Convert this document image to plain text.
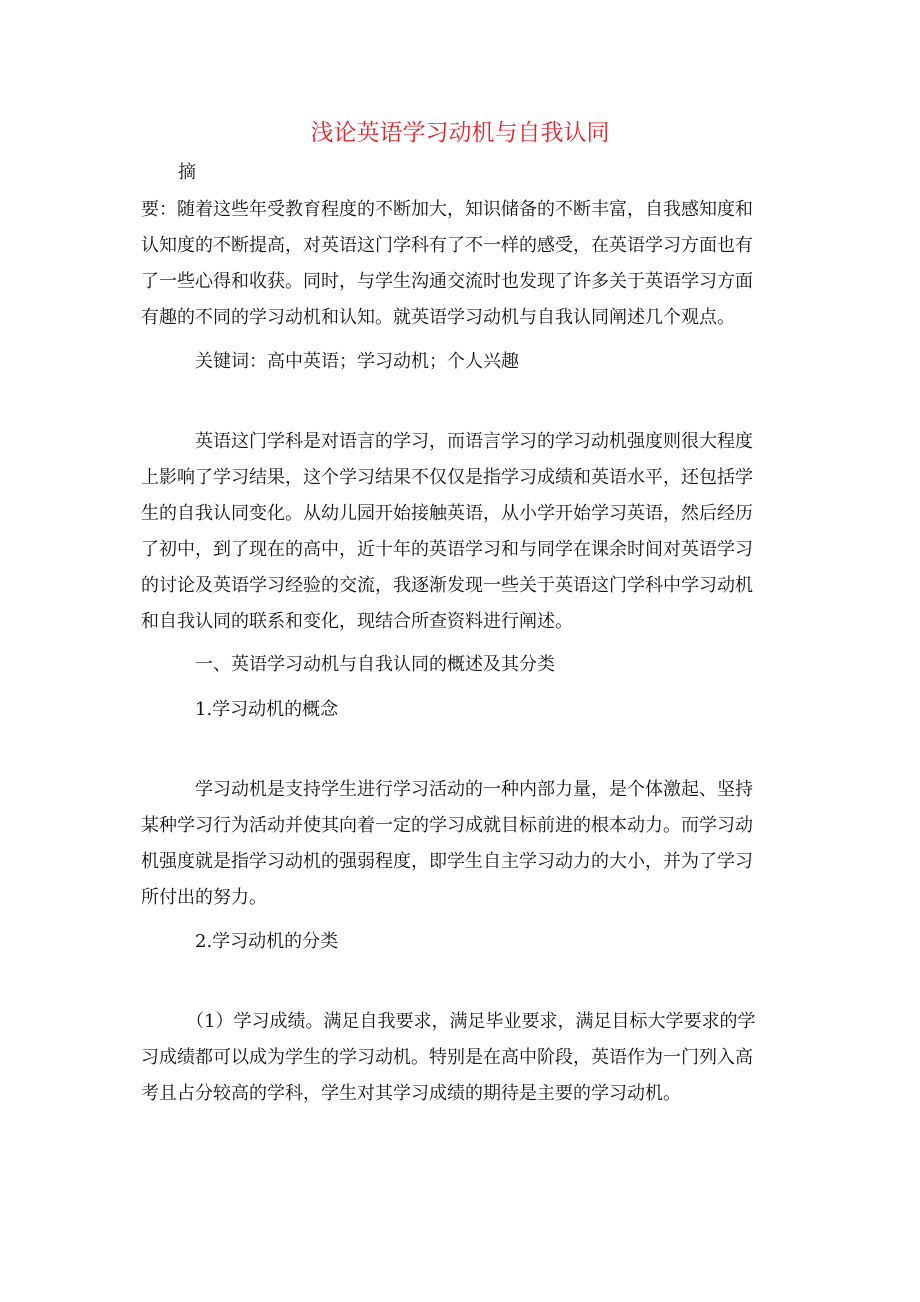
浅论英语学习动机与自我认同
摘
要：随着这些年受教育程度的不断加大，知识储备的不断丰富，自我感知度和
认知度的不断提高，对英语这门学科有了不一样的感受，在英语学习方面也有
了一些心得和收获。同时，与学生沟通交流时也发现了许多关于英语学习方面
有趣的不同的学习动机和认知。就英语学习动机与自我认同阐述几个观点。
关键词：高中英语；学习动机；个人兴趣
英语这门学科是对语言的学习，而语言学习的学习动机强度则很大程度
上影响了学习结果，这个学习结果不仅仅是指学习成绩和英语水平，还包括学
生的自我认同变化。从幼儿园开始接触英语，从小学开始学习英语，然后经历
了初中，到了现在的高中，近十年的英语学习和与同学在课余时间对英语学习
的讨论及英语学习经验的交流，我逐渐发现一些关于英语这门学科中学习动机
和自我认同的联系和变化，现结合所查资料进行阐述。
一、英语学习动机与自我认同的概述及其分类
1.学习动机的概念
学习动机是支持学生进行学习活动的一种内部力量，是个体激起、坚持
某种学习行为活动并使其向着一定的学习成就目标前进的根本动力。而学习动
机强度就是指学习动机的强弱程度，即学生自主学习动力的大小，并为了学习
所付出的努力。
2.学习动机的分类
（1）学习成绩。满足自我要求，满足毕业要求，满足目标大学要求的学
习成绩都可以成为学生的学习动机。特别是在高中阶段，英语作为一门列入高
考且占分较高的学科，学生对其学习成绩的期待是主要的学习动机。
